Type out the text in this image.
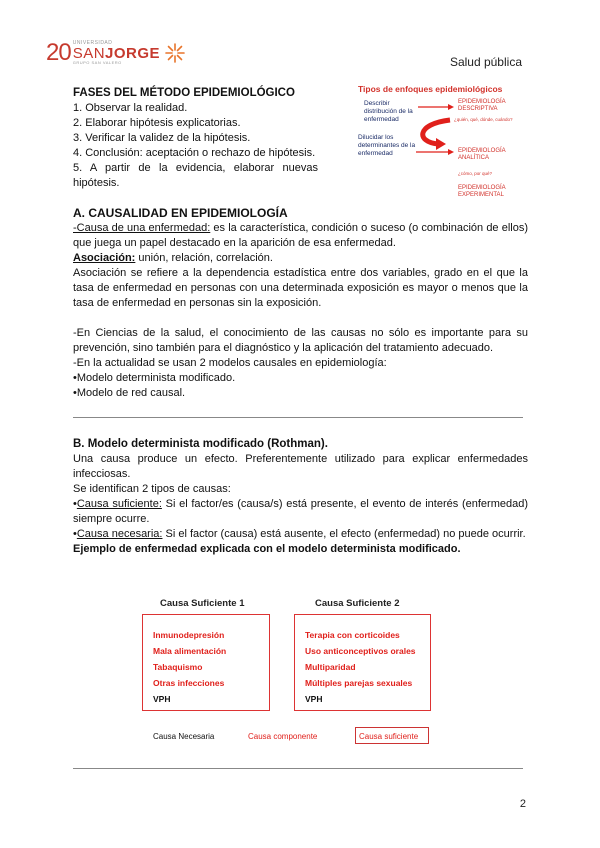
20 UNIVERSIDAD
SANJORGE
GRUPO SAN VALERO	Salud pública
FASES DEL MÉTODO EPIDEMIOLÓGICO
1. Observar la realidad.
2. Elaborar hipótesis explicatorias.
3. Verificar la validez de la hipótesis.
4. Conclusión: aceptación o rechazo de hipótesis.
5. A partir de la evidencia, elaborar nuevas hipótesis.
Tipos de enfoques epidemiológicos
Describir distribución de la enfermedad
Dilucidar los determinantes de la enfermedad
EPIDEMIOLOGÍA DESCRIPTIVA
¿quién, qué, dónde, cuándo?
EPIDEMIOLOGÍA ANALÍTICA
¿cómo, por qué?
EPIDEMIOLOGÍA EXPERIMENTAL
A. CAUSALIDAD EN EPIDEMIOLOGÍA
-Causa de una enfermedad: es la característica, condición o suceso (o combinación de ellos) que juega un papel destacado en la aparición de esa enfermedad.
Asociación: unión, relación, correlación.
Asociación se refiere a la dependencia estadística entre dos variables, grado en el que la tasa de enfermedad en personas con una determinada exposición es mayor o menos que la tasa de enfermedad en personas sin la exposición.
-En Ciencias de la salud, el conocimiento de las causas no sólo es importante para su prevención, sino también para el diagnóstico y la aplicación del tratamiento adecuado.
-En la actualidad se usan 2 modelos causales en epidemiología:
•Modelo determinista modificado.
•Modelo de red causal.
B. Modelo determinista modificado (Rothman).
Una causa produce un efecto. Preferentemente utilizado para explicar enfermedades infecciosas.
Se identifican 2 tipos de causas:
•Causa suficiente: Si el factor/es (causa/s) está presente, el evento de interés (enfermedad) siempre ocurre.
•Causa necesaria: Si el factor (causa) está ausente, el efecto (enfermedad) no puede ocurrir.
Ejemplo de enfermedad explicada con el modelo determinista modificado.
Causa Suficiente 1
Inmunodepresión
Mala alimentación
Tabaquismo
Otras infecciones
VPH
Causa Suficiente 2
Terapia con corticoides
Uso anticonceptivos orales
Multiparidad
Múltiples parejas sexuales
VPH
Causa Necesaria	Causa componente	Causa suficiente
2
